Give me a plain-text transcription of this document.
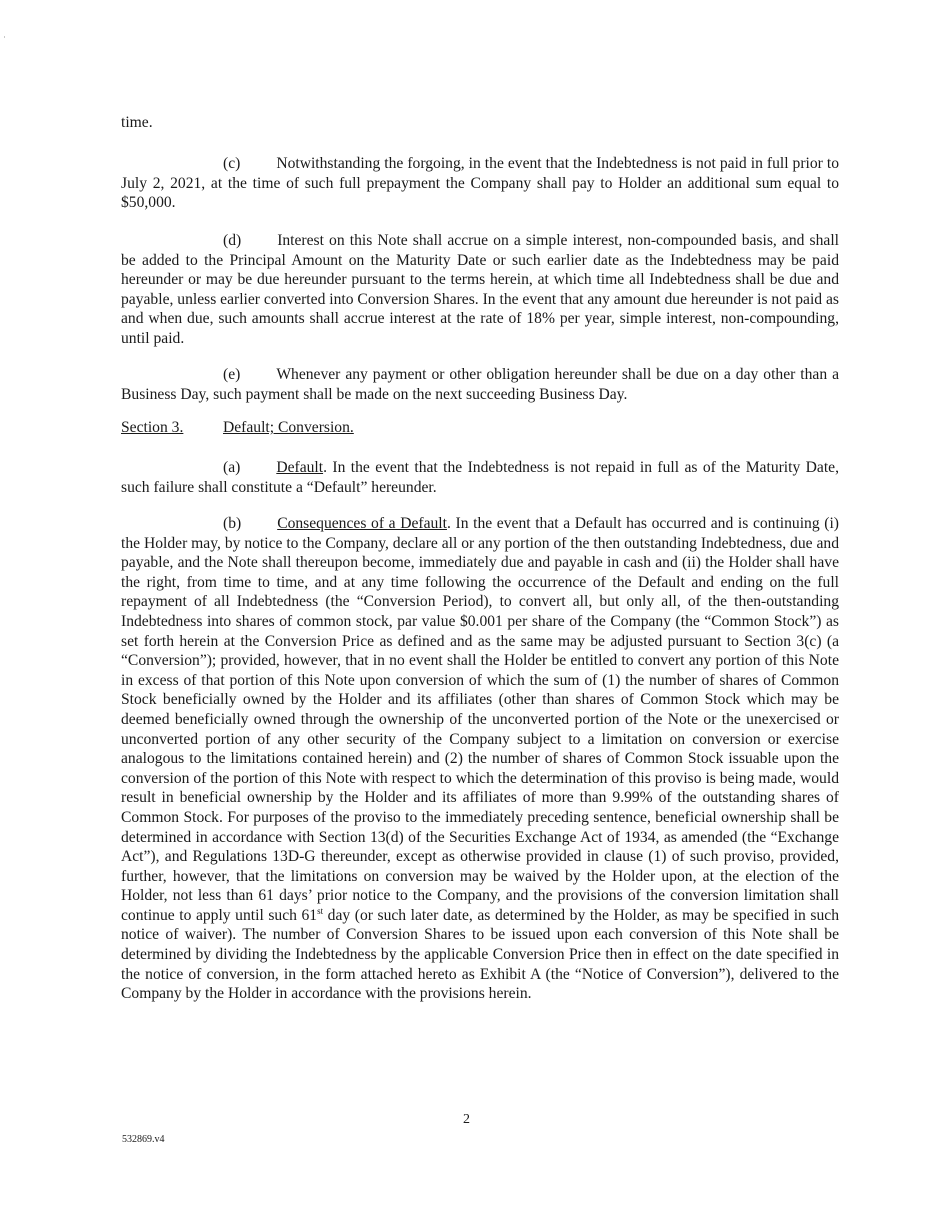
time.

(c) Notwithstanding the forgoing, in the event that the Indebtedness is not paid in full prior to July 2, 2021, at the time of such full prepayment the Company shall pay to Holder an additional sum equal to $50,000.

(d) Interest on this Note shall accrue on a simple interest, non-compounded basis, and shall be added to the Principal Amount on the Maturity Date or such earlier date as the Indebtedness may be paid hereunder or may be due hereunder pursuant to the terms herein, at which time all Indebtedness shall be due and payable, unless earlier converted into Conversion Shares. In the event that any amount due hereunder is not paid as and when due, such amounts shall accrue interest at the rate of 18% per year, simple interest, non-compounding, until paid.

(e) Whenever any payment or other obligation hereunder shall be due on a day other than a Business Day, such payment shall be made on the next succeeding Business Day.

Section 3.	Default; Conversion.

(a) Default. In the event that the Indebtedness is not repaid in full as of the Maturity Date, such failure shall constitute a “Default” hereunder.

(b) Consequences of a Default. In the event that a Default has occurred and is continuing (i) the Holder may, by notice to the Company, declare all or any portion of the then outstanding Indebtedness, due and payable, and the Note shall thereupon become, immediately due and payable in cash and (ii) the Holder shall have the right, from time to time, and at any time following the occurrence of the Default and ending on the full repayment of all Indebtedness (the “Conversion Period), to convert all, but only all, of the then-outstanding Indebtedness into shares of common stock, par value $0.001 per share of the Company (the “Common Stock”) as set forth herein at the Conversion Price as defined and as the same may be adjusted pursuant to Section 3(c) (a “Conversion”); provided, however, that in no event shall the Holder be entitled to convert any portion of this Note in excess of that portion of this Note upon conversion of which the sum of (1) the number of shares of Common Stock beneficially owned by the Holder and its affiliates (other than shares of Common Stock which may be deemed beneficially owned through the ownership of the unconverted portion of the Note or the unexercised or unconverted portion of any other security of the Company subject to a limitation on conversion or exercise analogous to the limitations contained herein) and (2) the number of shares of Common Stock issuable upon the conversion of the portion of this Note with respect to which the determination of this proviso is being made, would result in beneficial ownership by the Holder and its affiliates of more than 9.99% of the outstanding shares of Common Stock. For purposes of the proviso to the immediately preceding sentence, beneficial ownership shall be determined in accordance with Section 13(d) of the Securities Exchange Act of 1934, as amended (the “Exchange Act”), and Regulations 13D-G thereunder, except as otherwise provided in clause (1) of such proviso, provided, further, however, that the limitations on conversion may be waived by the Holder upon, at the election of the Holder, not less than 61 days’ prior notice to the Company, and the provisions of the conversion limitation shall continue to apply until such 61st day (or such later date, as determined by the Holder, as may be specified in such notice of waiver). The number of Conversion Shares to be issued upon each conversion of this Note shall be determined by dividing the Indebtedness by the applicable Conversion Price then in effect on the date specified in the notice of conversion, in the form attached hereto as Exhibit A (the “Notice of Conversion”), delivered to the Company by the Holder in accordance with the provisions herein.

2
532869.v4
